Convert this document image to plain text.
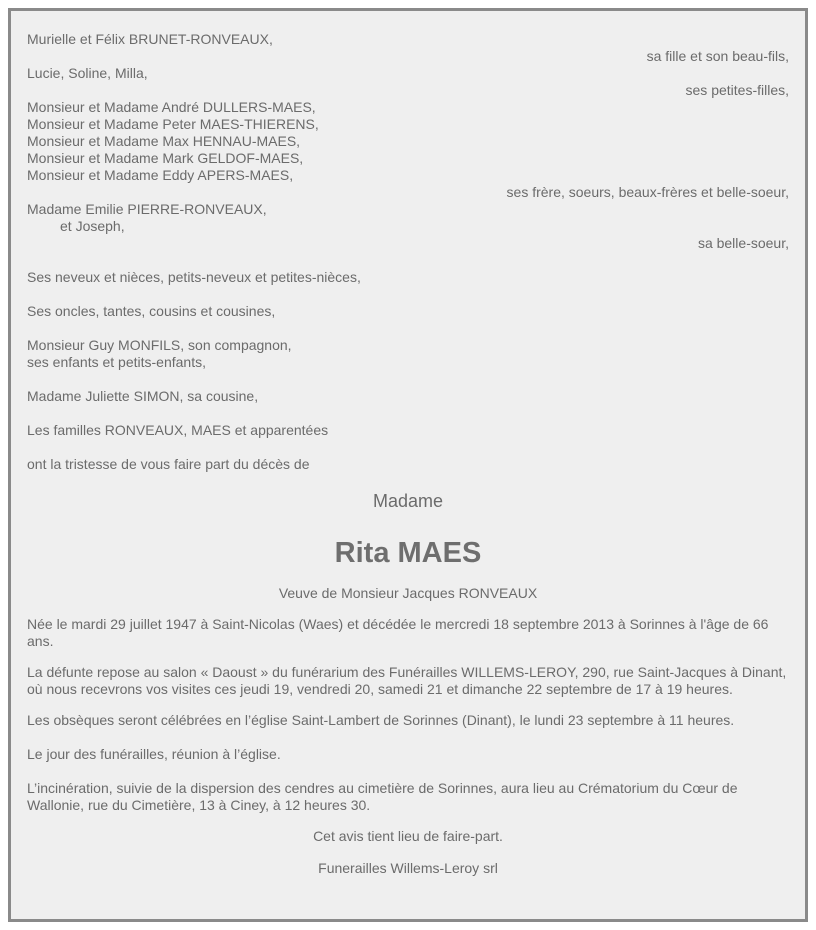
Murielle et Félix BRUNET-RONVEAUX,
sa fille et son beau-fils,
Lucie, Soline, Milla,
ses petites-filles,
Monsieur et Madame André DULLERS-MAES,
Monsieur et Madame Peter MAES-THIERENS,
Monsieur et Madame Max HENNAU-MAES,
Monsieur et Madame Mark GELDOF-MAES,
Monsieur et Madame Eddy APERS-MAES,
ses frère, soeurs, beaux-frères et belle-soeur,
Madame Emilie PIERRE-RONVEAUX,
et Joseph,
sa belle-soeur,
Ses neveux et nièces, petits-neveux et petites-nièces,
Ses oncles, tantes, cousins et cousines,
Monsieur Guy MONFILS, son compagnon,
ses enfants et petits-enfants,
Madame Juliette SIMON, sa cousine,
Les familles RONVEAUX, MAES et apparentées
ont la tristesse de vous faire part du décès de
Madame
Rita MAES
Veuve de Monsieur Jacques RONVEAUX
Née le mardi 29 juillet 1947 à Saint-Nicolas (Waes) et décédée le mercredi 18 septembre 2013 à Sorinnes à l'âge de 66 ans.
La défunte repose au salon « Daoust » du funérarium des Funérailles WILLEMS-LEROY, 290, rue Saint-Jacques à Dinant, où nous recevrons vos visites ces jeudi 19, vendredi 20, samedi 21 et dimanche 22 septembre de 17 à 19 heures.
Les obsèques seront célébrées en l’église Saint-Lambert de Sorinnes (Dinant), le lundi 23 septembre à 11 heures.
Le jour des funérailles, réunion à l’église.
L’incinération, suivie de la dispersion des cendres au cimetière de Sorinnes, aura lieu au Crématorium du Cœur de Wallonie, rue du Cimetière, 13 à Ciney, à 12 heures 30.
Cet avis tient lieu de faire-part.
Funerailles Willems-Leroy srl
